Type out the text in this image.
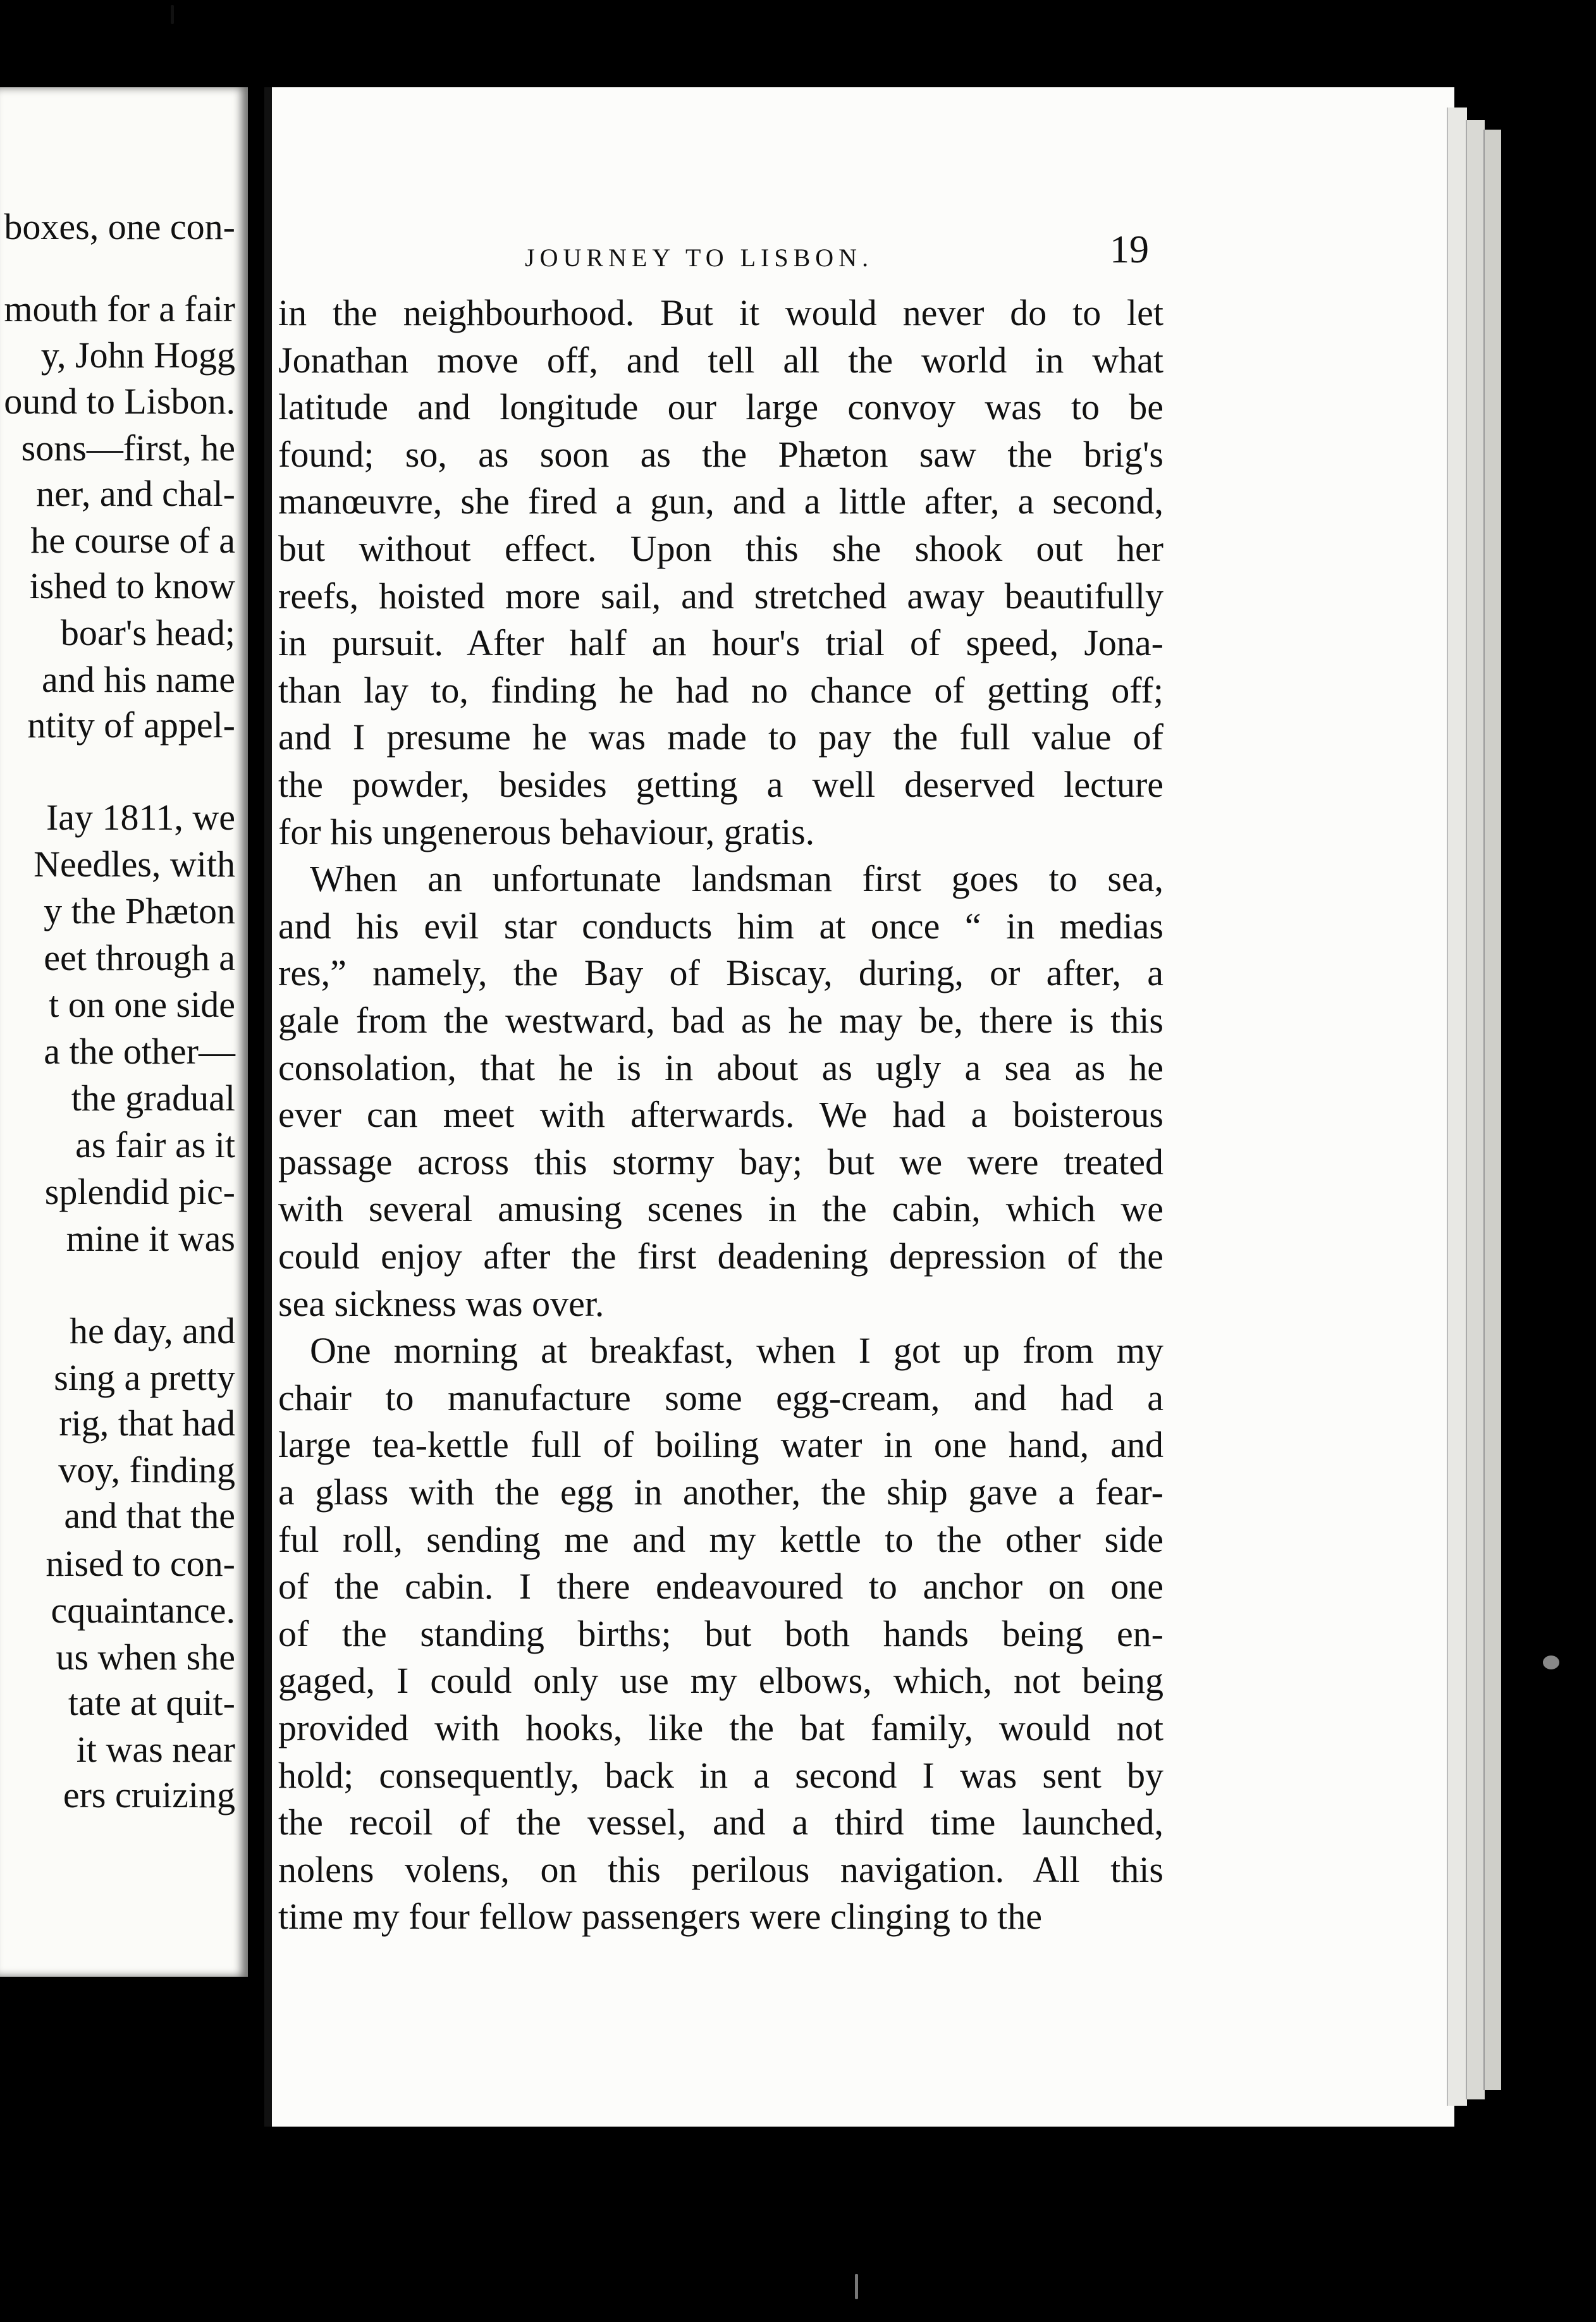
boxes, one con-
mouth for a fair
y, John Hogg
ound to Lisbon.
sons—first, he
ner, and chal-
he course of a
ished to know
boar's head;
and his name
ntity of appel-
Iay 1811, we
Needles, with
y the Phæton
eet through a
t on one side
a the other—
the gradual
as fair as it
splendid pic-
mine it was
he day, and
sing a pretty
rig, that had
voy, finding
and that the
nised to con-
cquaintance.
us when she
tate at quit-
it was near
ers cruizing
JOURNEY TO LISBON.	19
in the neighbourhood. But it would never do to let
Jonathan move off, and tell all the world in what
latitude and longitude our large convoy was to be
found; so, as soon as the Phæton saw the brig's
manœuvre, she fired a gun, and a little after, a second,
but without effect. Upon this she shook out her
reefs, hoisted more sail, and stretched away beautifully
in pursuit. After half an hour's trial of speed, Jona-
than lay to, finding he had no chance of getting off;
and I presume he was made to pay the full value of
the powder, besides getting a well deserved lecture
for his ungenerous behaviour, gratis.
When an unfortunate landsman first goes to sea,
and his evil star conducts him at once “ in medias
res,” namely, the Bay of Biscay, during, or after, a
gale from the westward, bad as he may be, there is this
consolation, that he is in about as ugly a sea as he
ever can meet with afterwards. We had a boisterous
passage across this stormy bay; but we were treated
with several amusing scenes in the cabin, which we
could enjoy after the first deadening depression of the
sea sickness was over.
One morning at breakfast, when I got up from my
chair to manufacture some egg-cream, and had a
large tea-kettle full of boiling water in one hand, and
a glass with the egg in another, the ship gave a fear-
ful roll, sending me and my kettle to the other side
of the cabin. I there endeavoured to anchor on one
of the standing births; but both hands being en-
gaged, I could only use my elbows, which, not being
provided with hooks, like the bat family, would not
hold; consequently, back in a second I was sent by
the recoil of the vessel, and a third time launched,
nolens volens, on this perilous navigation. All this
time my four fellow passengers were clinging to the
